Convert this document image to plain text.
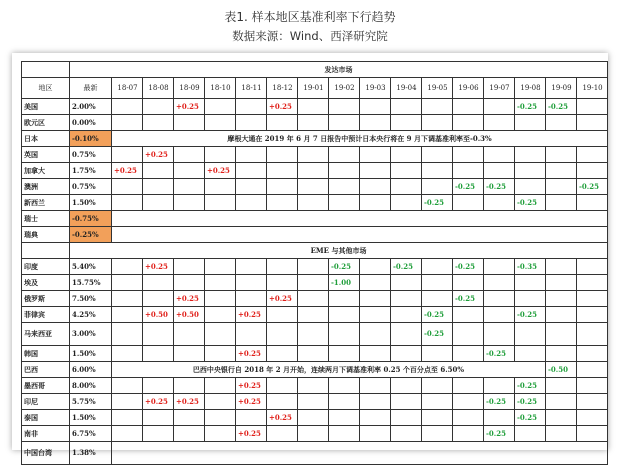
表1. 样本地区基准利率下行趋势
数据来源：Wind、西泽研究院
	发达市场																
地区	最新	18-07	18-08	18-09	18-10	18-11	18-12	19-01	19-02	19-03	19-04	19-05	19-06	19-07	19-08	19-09	19-10
美国	2.00%			+0.25			+0.25								-0.25	-0.25	
欧元区	0.00%																
日本	-0.10%	摩根大通在 2019 年 6 月 7 日报告中预计日本央行将在 9 月下调基准利率至-0.3%															
英国	0.75%		+0.25														
加拿大	1.75%	+0.25			+0.25												
澳洲	0.75%												-0.25	-0.25			-0.25
新西兰	1.50%											-0.25			-0.25		
瑞士	-0.75%																
瑞典	-0.25%																
	EME 与其他市场																
印度	5.40%		+0.25						-0.25		-0.25		-0.25		-0.35		
埃及	15.75%								-1.00								
俄罗斯	7.50%			+0.25			+0.25						-0.25				
菲律宾	4.25%		+0.50	+0.50		+0.25						-0.25			-0.25		
马来西亚	3.00%											-0.25					
韩国	1.50%					+0.25								-0.25			
巴西	6.00%	巴西中央银行自 2018 年 2 月开始，连续两月下调基准利率 0.25 个百分点至 6.50%														-0.50	
墨西哥	8.00%					+0.25									-0.25		
印尼	5.75%		+0.25	+0.25		+0.25								-0.25	-0.25		
泰国	1.50%						+0.25								-0.25		
南非	6.75%					+0.25								-0.25			
中国台湾	1.38%																
